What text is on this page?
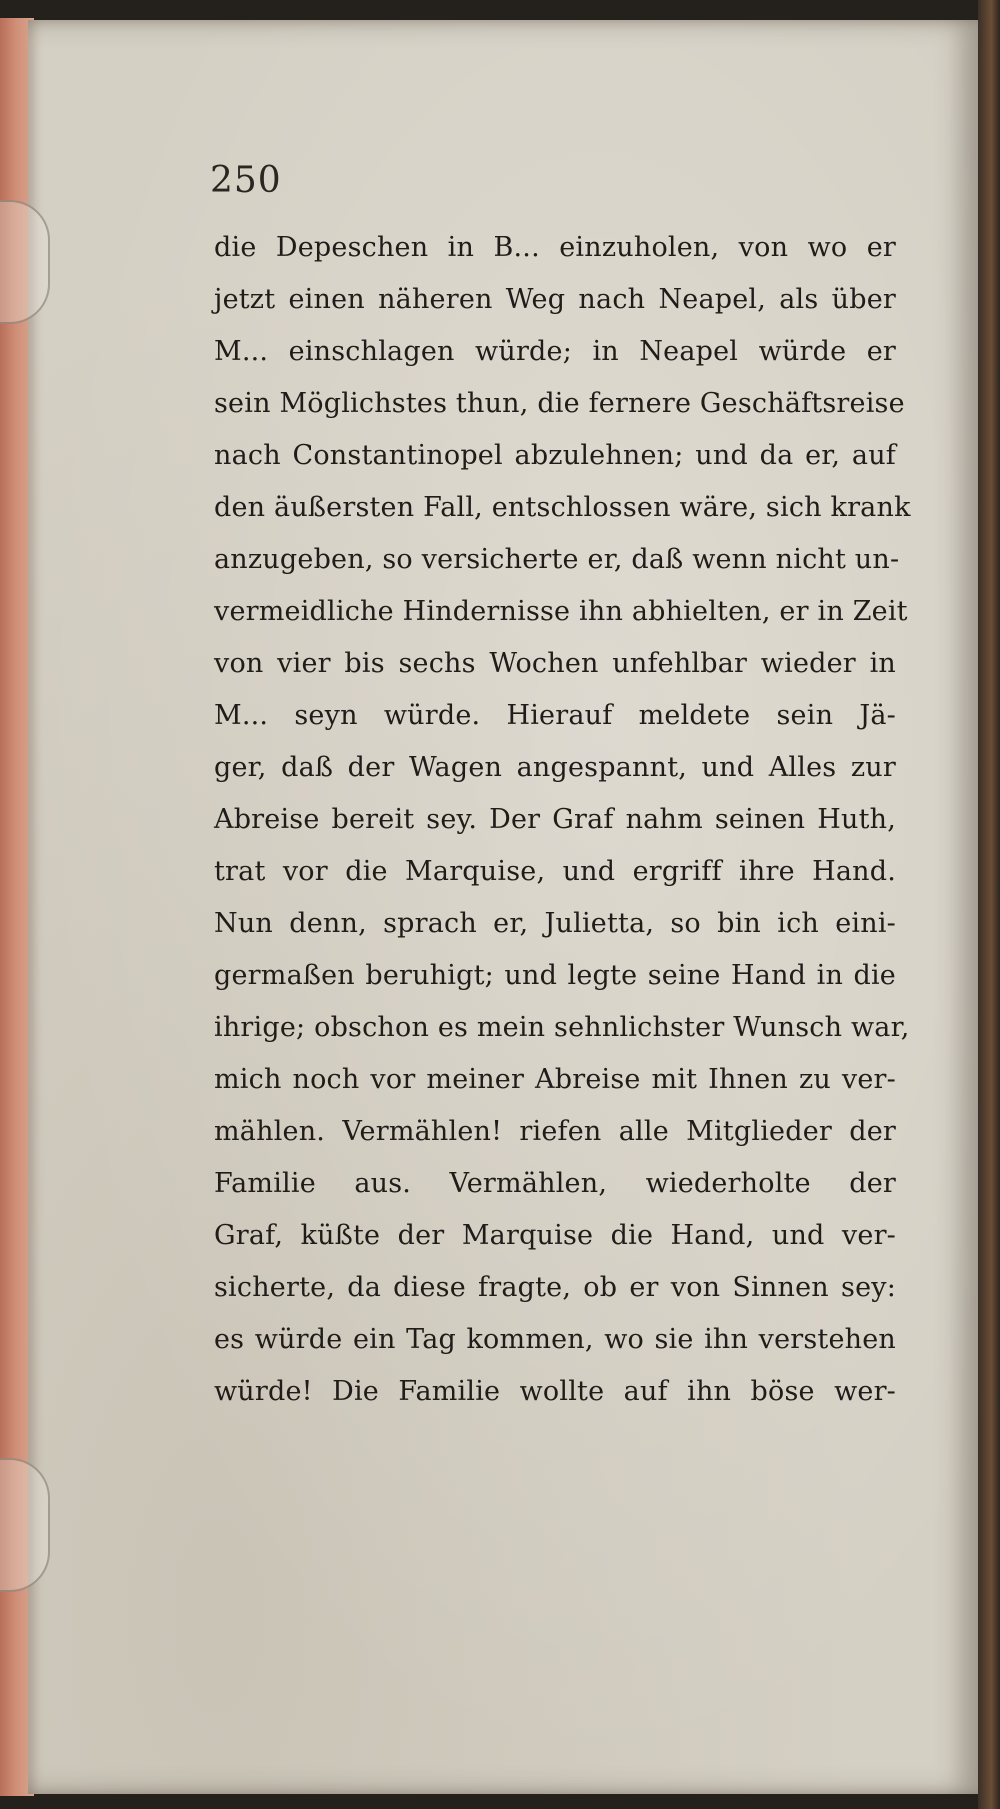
250
die Depeschen in B... einzuholen, von wo er
jetzt einen näheren Weg nach Neapel, als über
M... einschlagen würde; in Neapel würde er
sein Möglichstes thun, die fernere Geschäftsreise
nach Constantinopel abzulehnen; und da er, auf
den äußersten Fall, entschlossen wäre, sich krank
anzugeben, so versicherte er, daß wenn nicht un-
vermeidliche Hindernisse ihn abhielten, er in Zeit
von vier bis sechs Wochen unfehlbar wieder in
M... seyn würde. Hierauf meldete sein Jä-
ger, daß der Wagen angespannt, und Alles zur
Abreise bereit sey. Der Graf nahm seinen Huth,
trat vor die Marquise, und ergriff ihre Hand.
Nun denn, sprach er, Julietta, so bin ich eini-
germaßen beruhigt; und legte seine Hand in die
ihrige; obschon es mein sehnlichster Wunsch war,
mich noch vor meiner Abreise mit Ihnen zu ver-
mählen. Vermählen! riefen alle Mitglieder der
Familie aus. Vermählen, wiederholte der
Graf, küßte der Marquise die Hand, und ver-
sicherte, da diese fragte, ob er von Sinnen sey:
es würde ein Tag kommen, wo sie ihn verstehen
würde! Die Familie wollte auf ihn böse wer-
